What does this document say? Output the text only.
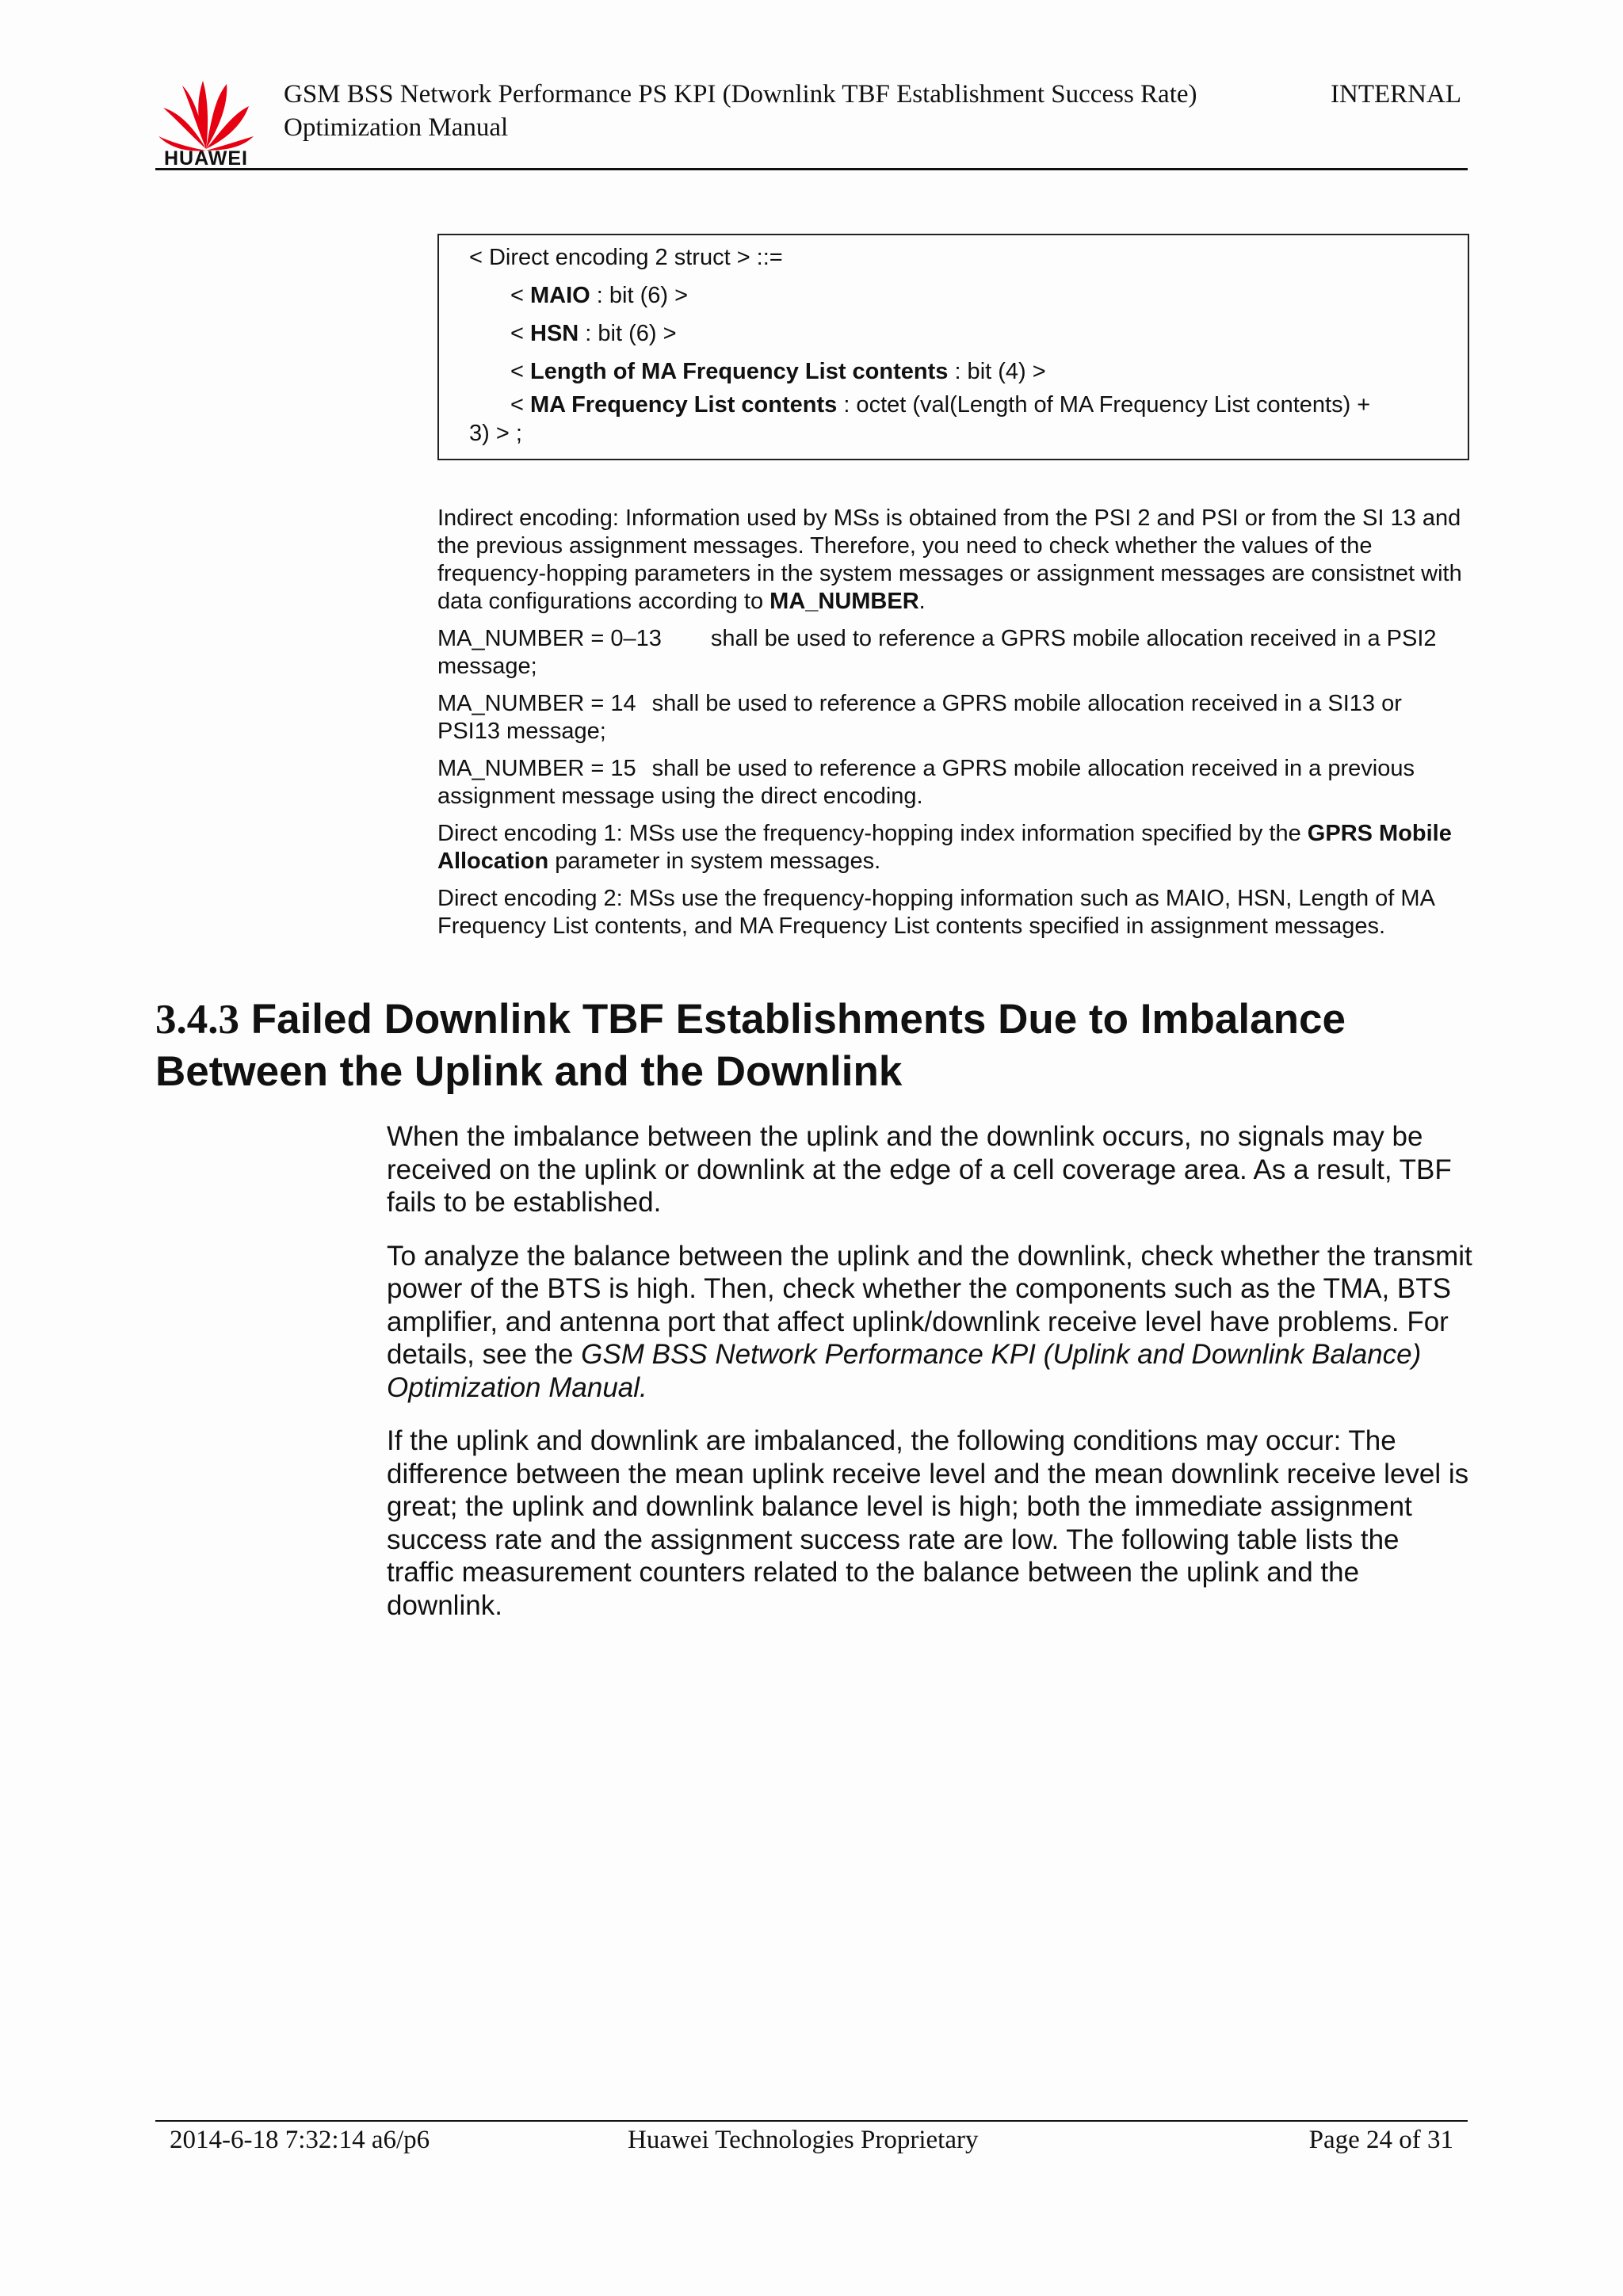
HUAWEI
GSM BSS Network Performance PS KPI (Downlink TBF Establishment Success Rate)
Optimization Manual
INTERNAL
< Direct encoding 2 struct > ::=
< MAIO : bit (6) >
< HSN : bit (6) >
< Length of MA Frequency List contents : bit (4) >
< MA Frequency List contents : octet (val(Length of MA Frequency List contents) +
3) > ;

Indirect encoding: Information used by MSs is obtained from the PSI 2 and PSI or from the SI 13 and the previous assignment messages. Therefore, you need to check whether the values of the frequency-hopping parameters in the system messages or assignment messages are consistnet with data configurations according to MA_NUMBER.

MA_NUMBER = 0–13 shall be used to reference a GPRS mobile allocation received in a PSI2 message;

MA_NUMBER = 14 shall be used to reference a GPRS mobile allocation received in a SI13 or PSI13 message;

MA_NUMBER = 15 shall be used to reference a GPRS mobile allocation received in a previous assignment message using the direct encoding.

Direct encoding 1: MSs use the frequency-hopping index information specified by the GPRS Mobile Allocation parameter in system messages.

Direct encoding 2: MSs use the frequency-hopping information such as MAIO, HSN, Length of MA Frequency List contents, and MA Frequency List contents specified in assignment messages.

3.4.3 Failed Downlink TBF Establishments Due to Imbalance Between the Uplink and the Downlink

When the imbalance between the uplink and the downlink occurs, no signals may be received on the uplink or downlink at the edge of a cell coverage area. As a result, TBF fails to be established.

To analyze the balance between the uplink and the downlink, check whether the transmit power of the BTS is high. Then, check whether the components such as the TMA, BTS amplifier, and antenna port that affect uplink/downlink receive level have problems. For details, see the GSM BSS Network Performance KPI (Uplink and Downlink Balance) Optimization Manual.

If the uplink and downlink are imbalanced, the following conditions may occur: The difference between the mean uplink receive level and the mean downlink receive level is great; the uplink and downlink balance level is high; both the immediate assignment success rate and the assignment success rate are low. The following table lists the traffic measurement counters related to the balance between the uplink and the downlink.

2014-6-18 7:32:14 a6/p6	Huawei Technologies Proprietary	Page 24 of 31
